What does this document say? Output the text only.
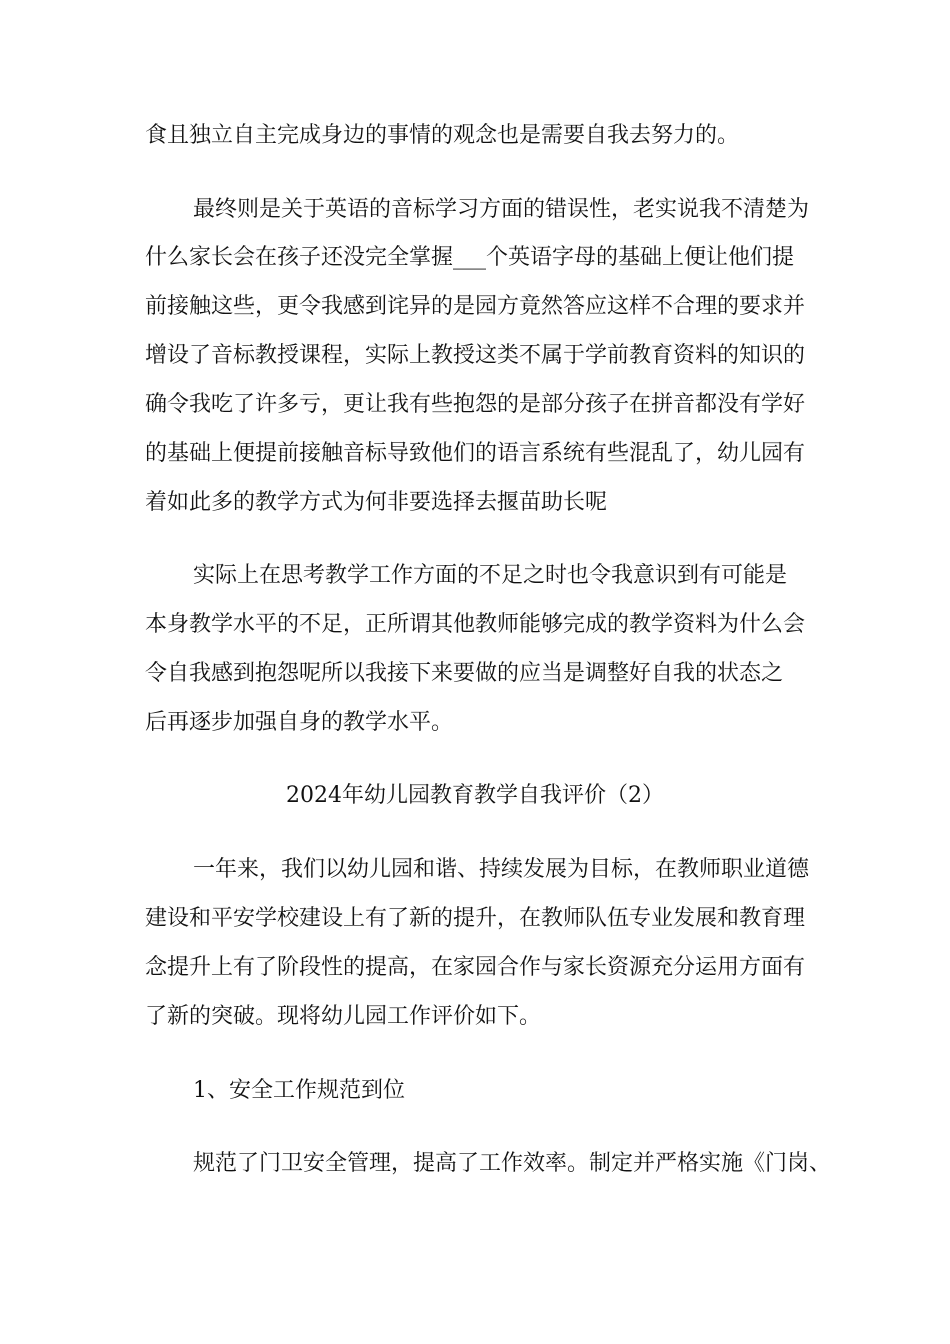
食且独立自主完成身边的事情的观念也是需要自我去努力的。
最终则是关于英语的音标学习方面的错误性，老实说我不清楚为
什么家长会在孩子还没完全掌握___个英语字母的基础上便让他们提
前接触这些，更令我感到诧异的是园方竟然答应这样不合理的要求并
增设了音标教授课程，实际上教授这类不属于学前教育资料的知识的
确令我吃了许多亏，更让我有些抱怨的是部分孩子在拼音都没有学好
的基础上便提前接触音标导致他们的语言系统有些混乱了，幼儿园有
着如此多的教学方式为何非要选择去揠苗助长呢
实际上在思考教学工作方面的不足之时也令我意识到有可能是
本身教学水平的不足，正所谓其他教师能够完成的教学资料为什么会
令自我感到抱怨呢所以我接下来要做的应当是调整好自我的状态之
后再逐步加强自身的教学水平。
2024年幼儿园教育教学自我评价（2）
一年来，我们以幼儿园和谐、持续发展为目标，在教师职业道德
建设和平安学校建设上有了新的提升，在教师队伍专业发展和教育理
念提升上有了阶段性的提高，在家园合作与家长资源充分运用方面有
了新的突破。现将幼儿园工作评价如下。
1、安全工作规范到位
规范了门卫安全管理，提高了工作效率。制定并严格实施《门岗、
